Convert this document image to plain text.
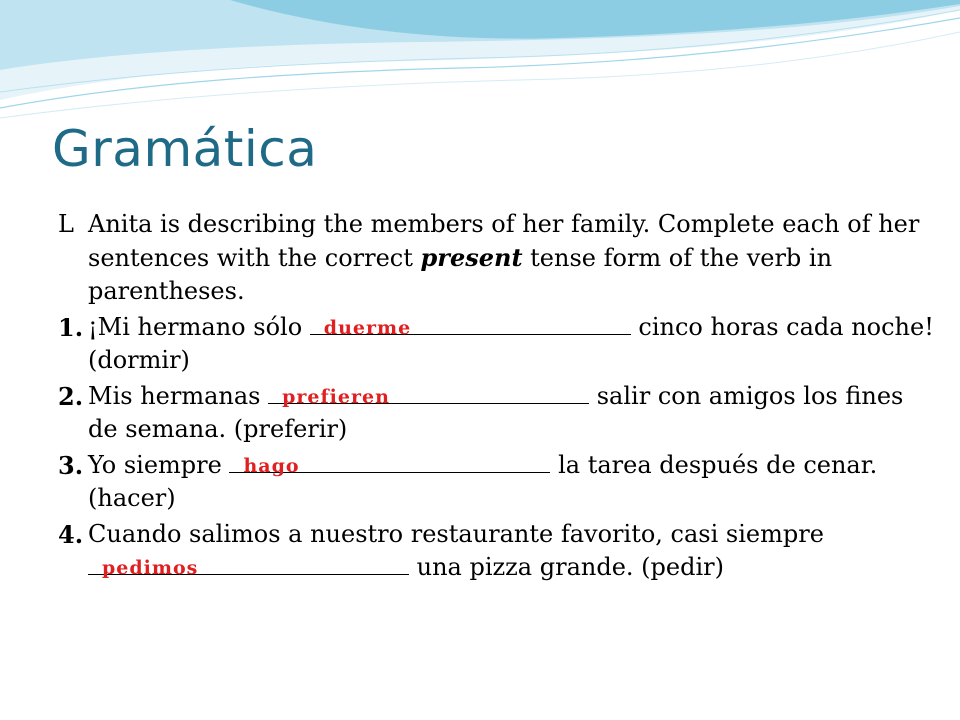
Gramática
L Anita is describing the members of her family. Complete each of her sentences with the correct present tense form of the verb in parentheses.
1. ¡Mi hermano sólo duerme	cinco horas cada noche! (dormir)
2. Mis hermanas prefieren	salir con amigos los fines de semana. (preferir)
3. Yo siempre hago	la tarea después de cenar. (hacer)
4. Cuando salimos a nuestro restaurante favorito, casi siempre
pedimos	una pizza grande. (pedir)
